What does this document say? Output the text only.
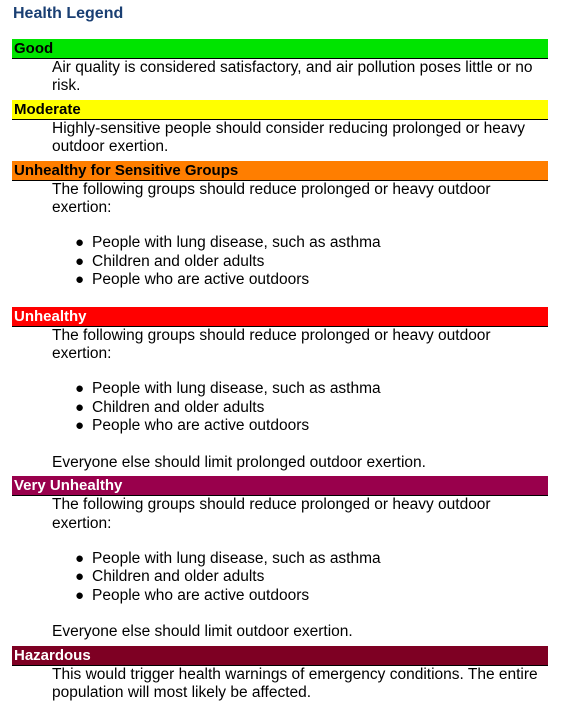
Health Legend
Good

Air quality is considered satisfactory, and air pollution poses little or no risk.

Moderate

Highly-sensitive people should consider reducing prolonged or heavy outdoor exertion.

Unhealthy for Sensitive Groups

The following groups should reduce prolonged or heavy outdoor exertion:

● People with lung disease, such as asthma
● Children and older adults
● People who are active outdoors
Unhealthy

The following groups should reduce prolonged or heavy outdoor exertion:

● People with lung disease, such as asthma
● Children and older adults
● People who are active outdoors

Everyone else should limit prolonged outdoor exertion.

Very Unhealthy

The following groups should reduce prolonged or heavy outdoor exertion:

● People with lung disease, such as asthma
● Children and older adults
● People who are active outdoors

Everyone else should limit outdoor exertion.

Hazardous

This would trigger health warnings of emergency conditions. The entire population will most likely be affected.
